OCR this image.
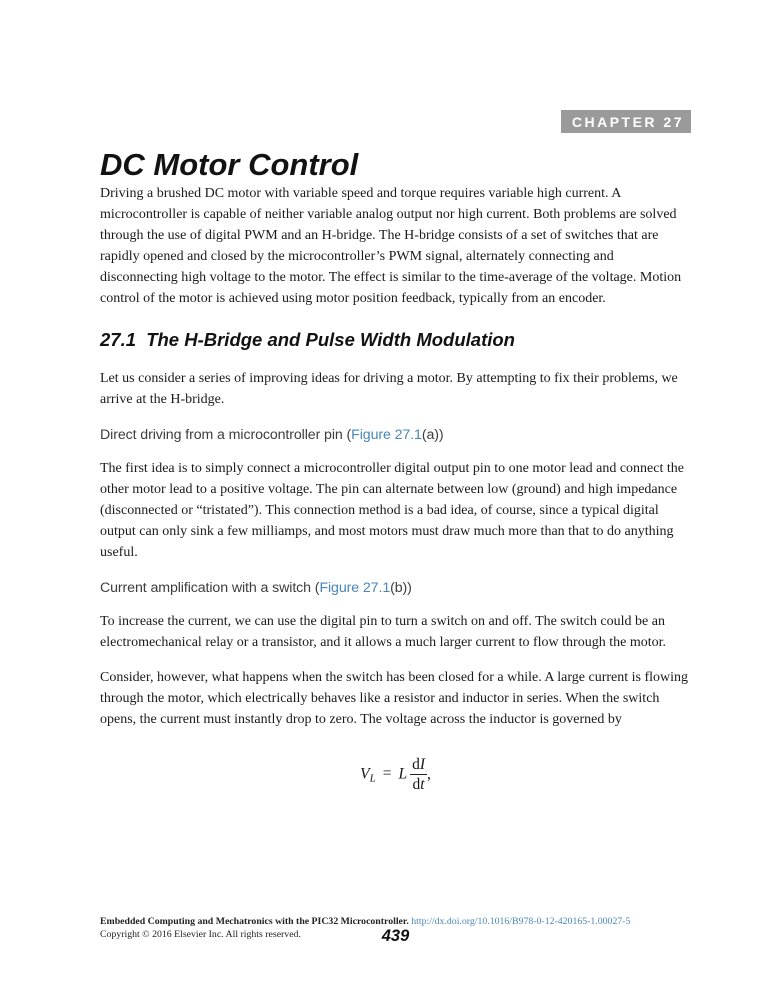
CHAPTER 27
DC Motor Control

Driving a brushed DC motor with variable speed and torque requires variable high current. A microcontroller is capable of neither variable analog output nor high current. Both problems are solved through the use of digital PWM and an H-bridge. The H-bridge consists of a set of switches that are rapidly opened and closed by the microcontroller’s PWM signal, alternately connecting and disconnecting high voltage to the motor. The effect is similar to the time-average of the voltage. Motion control of the motor is achieved using motor position feedback, typically from an encoder.

27.1 The H-Bridge and Pulse Width Modulation

Let us consider a series of improving ideas for driving a motor. By attempting to fix their problems, we arrive at the H-bridge.

Direct driving from a microcontroller pin (Figure 27.1(a))

The first idea is to simply connect a microcontroller digital output pin to one motor lead and connect the other motor lead to a positive voltage. The pin can alternate between low (ground) and high impedance (disconnected or “tristated”). This connection method is a bad idea, of course, since a typical digital output can only sink a few milliamps, and most motors must draw much more than that to do anything useful.

Current amplification with a switch (Figure 27.1(b))

To increase the current, we can use the digital pin to turn a switch on and off. The switch could be an electromechanical relay or a transistor, and it allows a much larger current to flow through the motor.

Consider, however, what happens when the switch has been closed for a while. A large current is flowing through the motor, which electrically behaves like a resistor and inductor in series. When the switch opens, the current must instantly drop to zero. The voltage across the inductor is governed by

VL = L $\frac{dI}{dt}$ ,
Embedded Computing and Mechatronics with the PIC32 Microcontroller. http://dx.doi.org/10.1016/B978-0-12-420165-1.00027-5
Copyright © 2016 Elsevier Inc. All rights reserved.	439
